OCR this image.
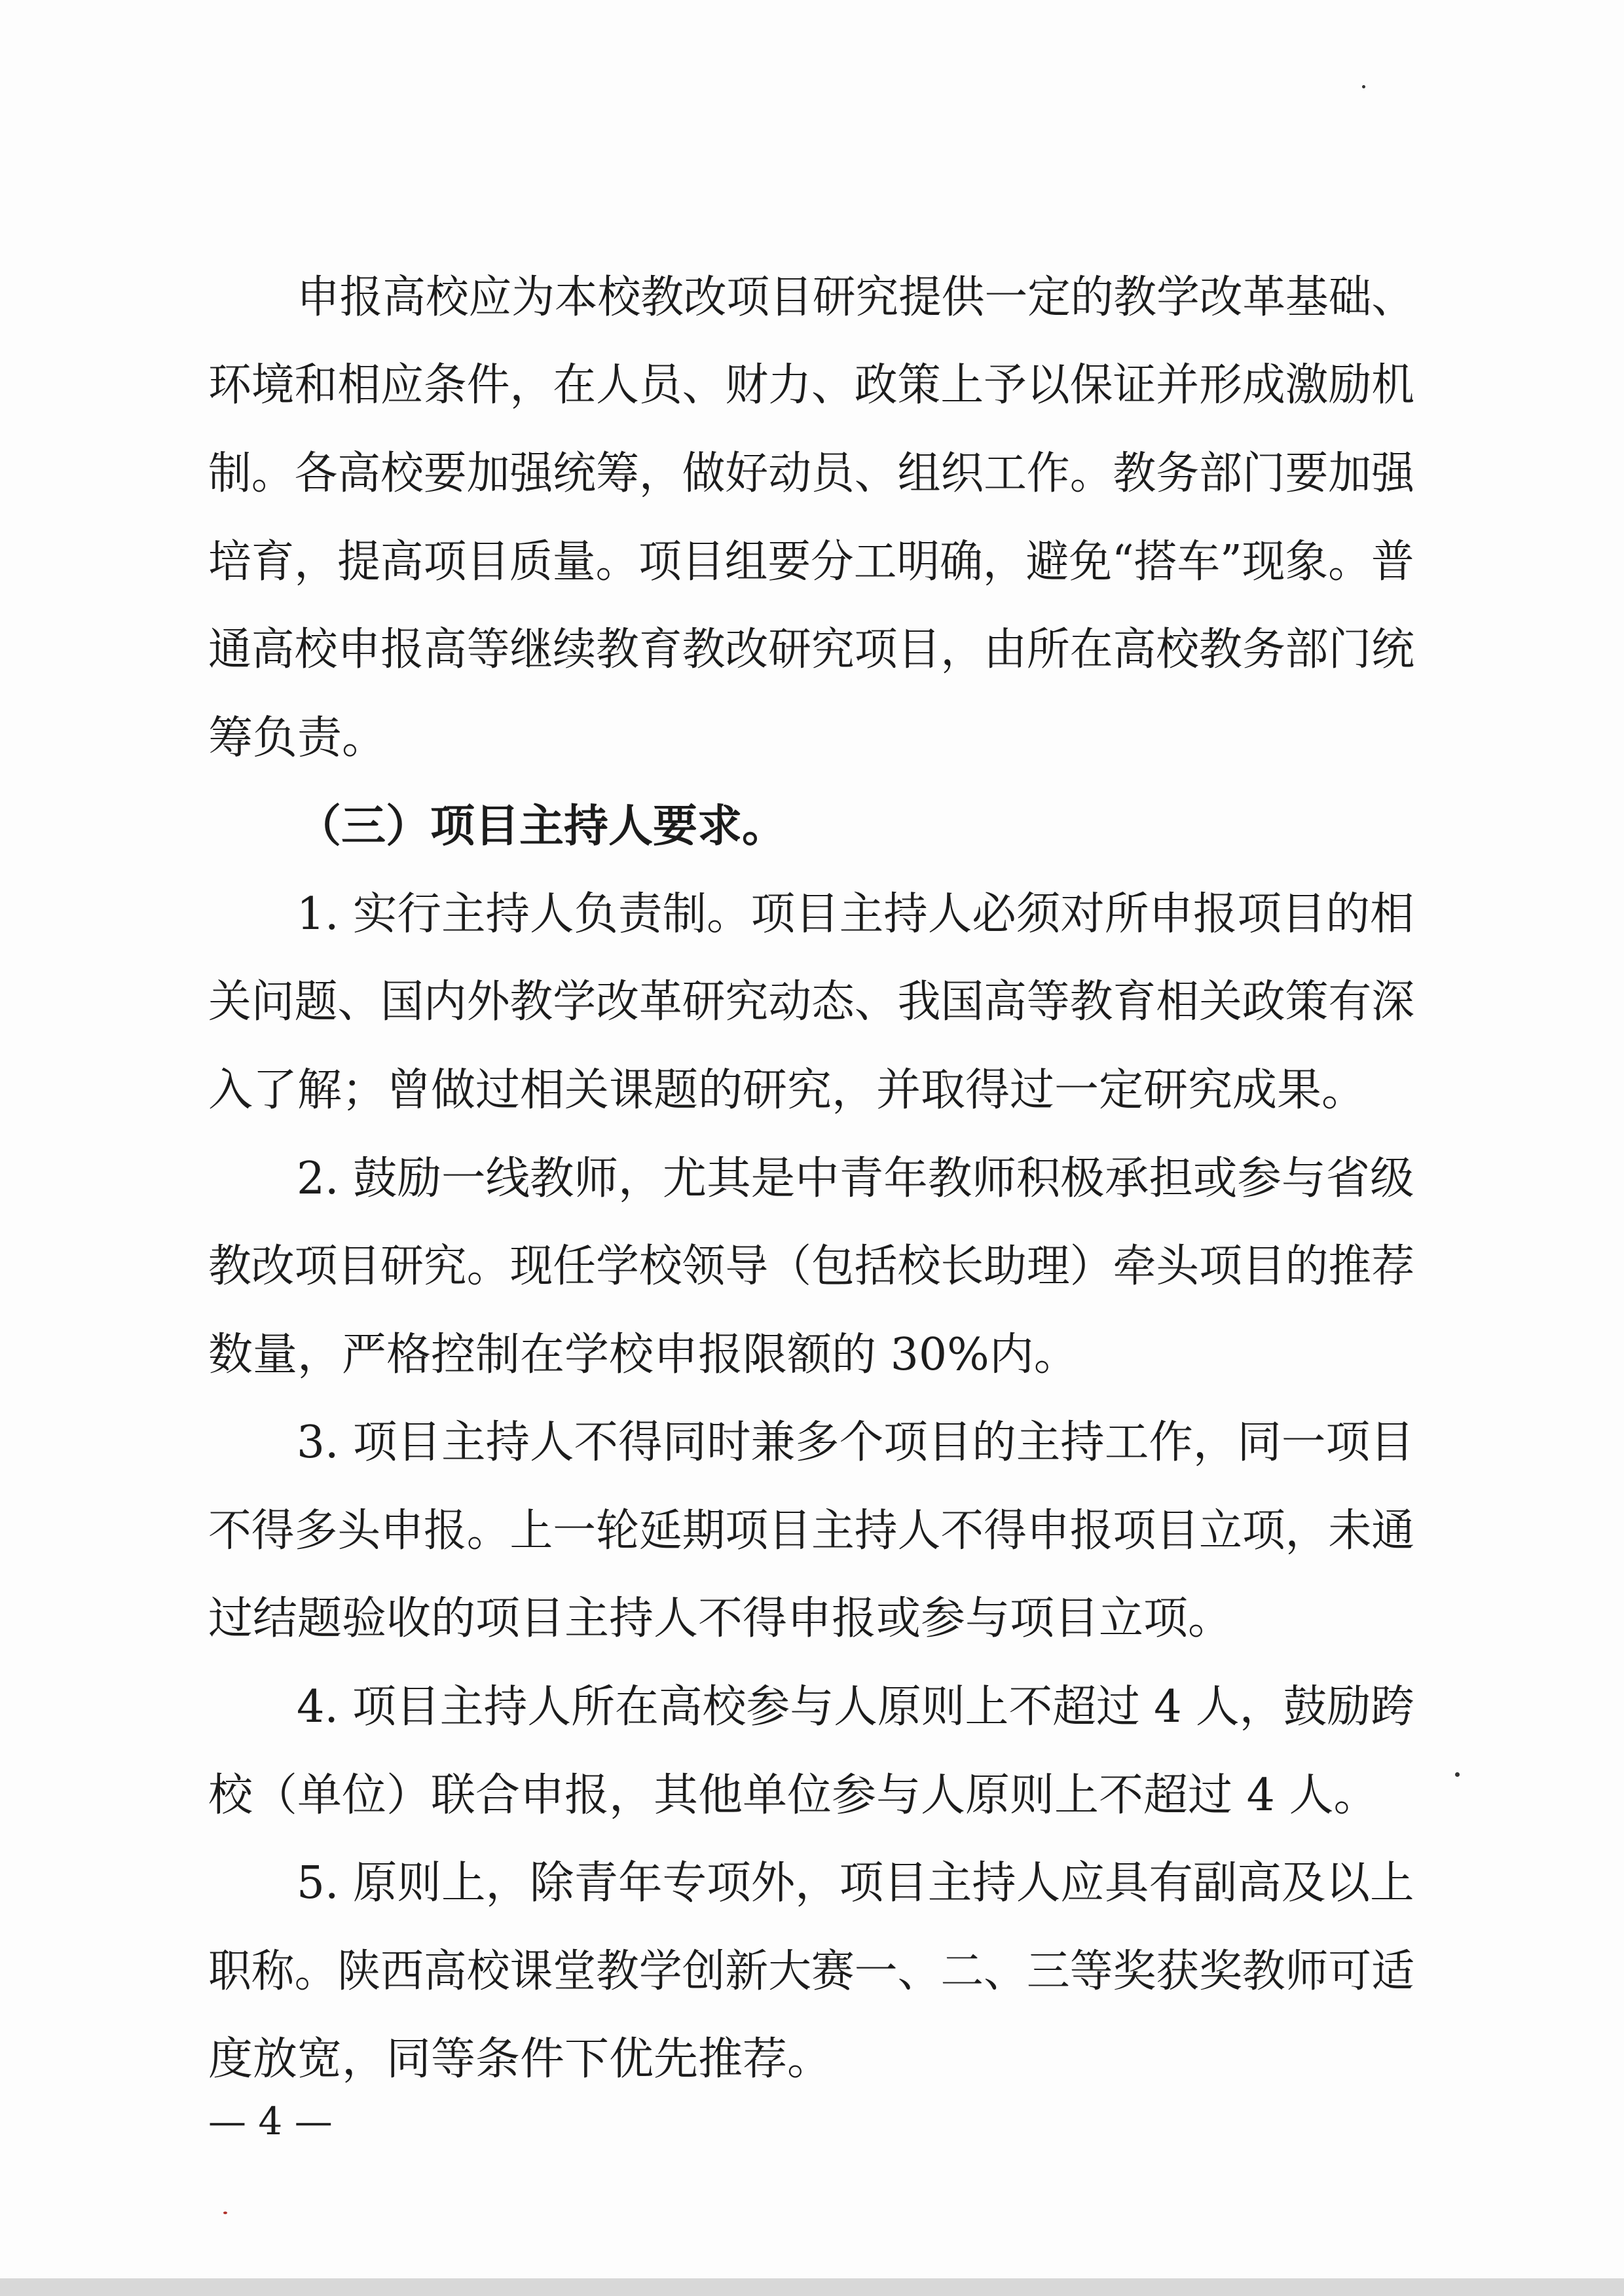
申报高校应为本校教改项目研究提供一定的教学改革基础、
环境和相应条件，在人员、财力、政策上予以保证并形成激励机
制。各高校要加强统筹，做好动员、组织工作。教务部门要加强
培育，提高项目质量。项目组要分工明确，避免“搭车”现象。普
通高校申报高等继续教育教改研究项目，由所在高校教务部门统
筹负责。
（三）项目主持人要求。
1. 实行主持人负责制。项目主持人必须对所申报项目的相
关问题、国内外教学改革研究动态、我国高等教育相关政策有深
入了解；曾做过相关课题的研究，并取得过一定研究成果。
2. 鼓励一线教师，尤其是中青年教师积极承担或参与省级
教改项目研究。现任学校领导（包括校长助理）牵头项目的推荐
数量，严格控制在学校申报限额的 30%内。
3. 项目主持人不得同时兼多个项目的主持工作，同一项目
不得多头申报。上一轮延期项目主持人不得申报项目立项，未通
过结题验收的项目主持人不得申报或参与项目立项。
4. 项目主持人所在高校参与人原则上不超过 4 人，鼓励跨
校（单位）联合申报，其他单位参与人原则上不超过 4 人。
5. 原则上，除青年专项外，项目主持人应具有副高及以上
职称。陕西高校课堂教学创新大赛一、二、三等奖获奖教师可适
度放宽，同等条件下优先推荐。
— 4 —
